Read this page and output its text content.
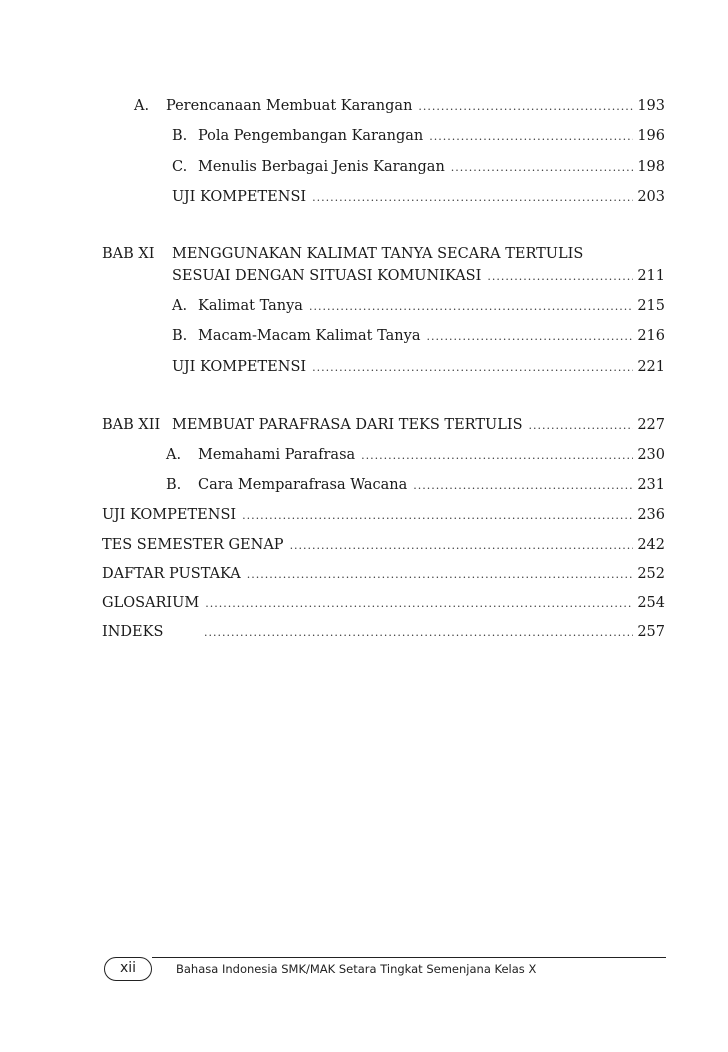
A.	Perencanaan Membuat Karangan .....	193
B. Pola Pengembangan Karangan .....	196
C. Menulis Berbagai Jenis Karangan .....	198
UJI KOMPETENSI .....	203
BAB XI MENGGUNAKAN KALIMAT TANYA SECARA TERTULIS
SESUAI DENGAN SITUASI KOMUNIKASI .....	211
A. Kalimat Tanya .....	215
B. Macam-Macam Kalimat Tanya .....	216
UJI KOMPETENSI .....	221
BAB XII MEMBUAT PARAFRASA DARI TEKS TERTULIS .....	227
A.	Memahami Parafrasa .....	230
B.	Cara Memparafrasa Wacana .....	231
UJI KOMPETENSI .....	236
TES SEMESTER GENAP .....	242
DAFTAR PUSTAKA .....	252
GLOSARIUM .....	254
INDEKS .....	257
xii	Bahasa Indonesia SMK/MAK Setara Tingkat Semenjana Kelas X
